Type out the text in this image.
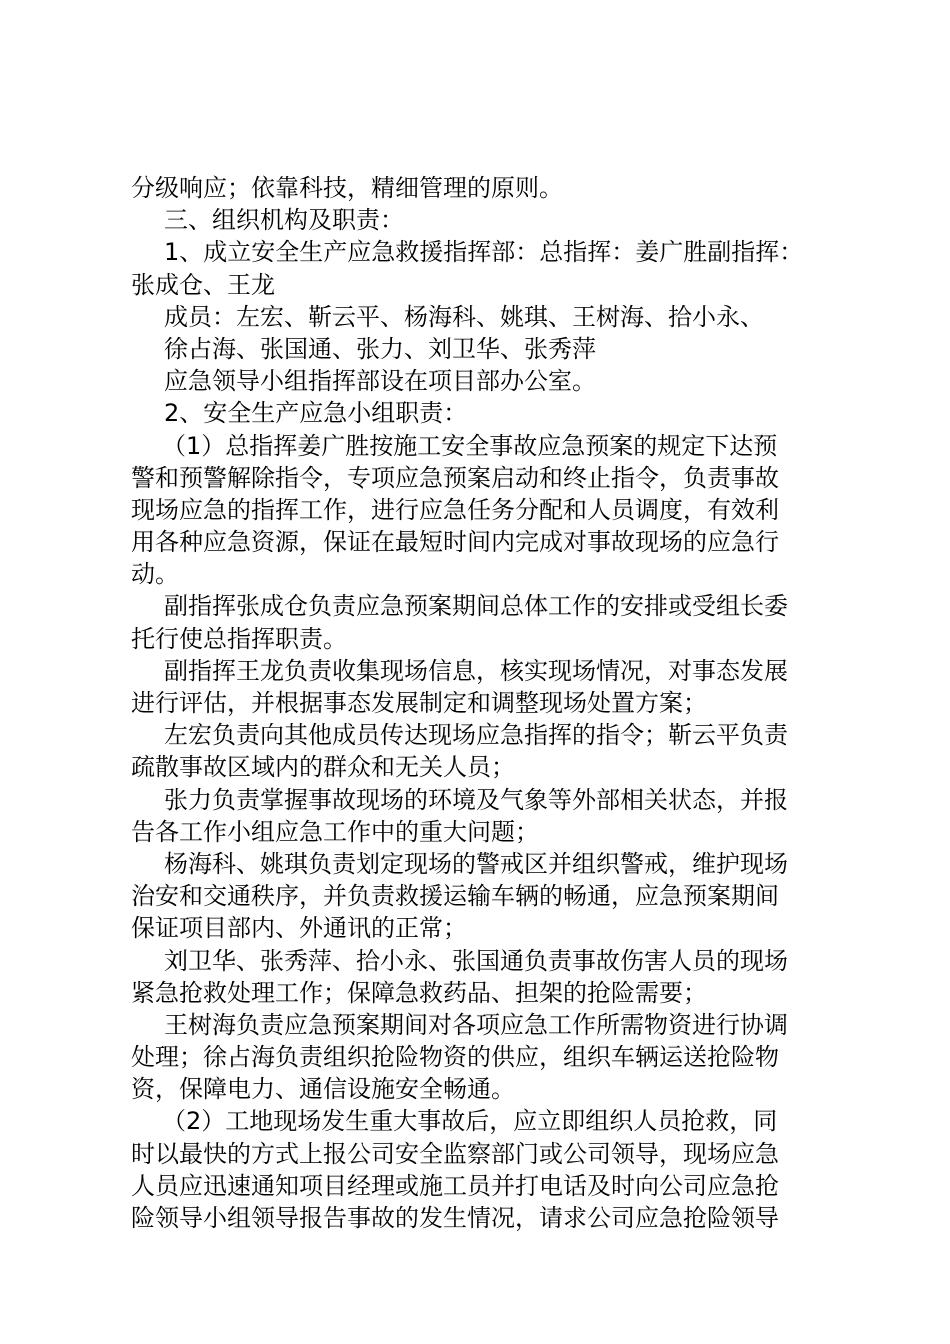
分级响应；依靠科技，精细管理的原则。
三、组织机构及职责：
1、成立安全生产应急救援指挥部：总指挥：姜广胜副指挥：
张成仓、王龙
成员：左宏、靳云平、杨海科、姚琪、王树海、拾小永、
徐占海、张国通、张力、刘卫华、张秀萍
应急领导小组指挥部设在项目部办公室。
2、安全生产应急小组职责：
（1）总指挥姜广胜按施工安全事故应急预案的规定下达预
警和预警解除指令，专项应急预案启动和终止指令，负责事故
现场应急的指挥工作，进行应急任务分配和人员调度，有效利
用各种应急资源，保证在最短时间内完成对事故现场的应急行
动。
副指挥张成仓负责应急预案期间总体工作的安排或受组长委
托行使总指挥职责。
副指挥王龙负责收集现场信息，核实现场情况，对事态发展
进行评估，并根据事态发展制定和调整现场处置方案；
左宏负责向其他成员传达现场应急指挥的指令；靳云平负责
疏散事故区域内的群众和无关人员；
张力负责掌握事故现场的环境及气象等外部相关状态，并报
告各工作小组应急工作中的重大问题；
杨海科、姚琪负责划定现场的警戒区并组织警戒，维护现场
治安和交通秩序，并负责救援运输车辆的畅通，应急预案期间
保证项目部内、外通讯的正常；
刘卫华、张秀萍、拾小永、张国通负责事故伤害人员的现场
紧急抢救处理工作；保障急救药品、担架的抢险需要；
王树海负责应急预案期间对各项应急工作所需物资进行协调
处理；徐占海负责组织抢险物资的供应，组织车辆运送抢险物
资，保障电力、通信设施安全畅通。
（2）工地现场发生重大事故后，应立即组织人员抢救，同
时以最快的方式上报公司安全监察部门或公司领导，现场应急
人员应迅速通知项目经理或施工员并打电话及时向公司应急抢
险领导小组领导报告事故的发生情况，请求公司应急抢险领导
